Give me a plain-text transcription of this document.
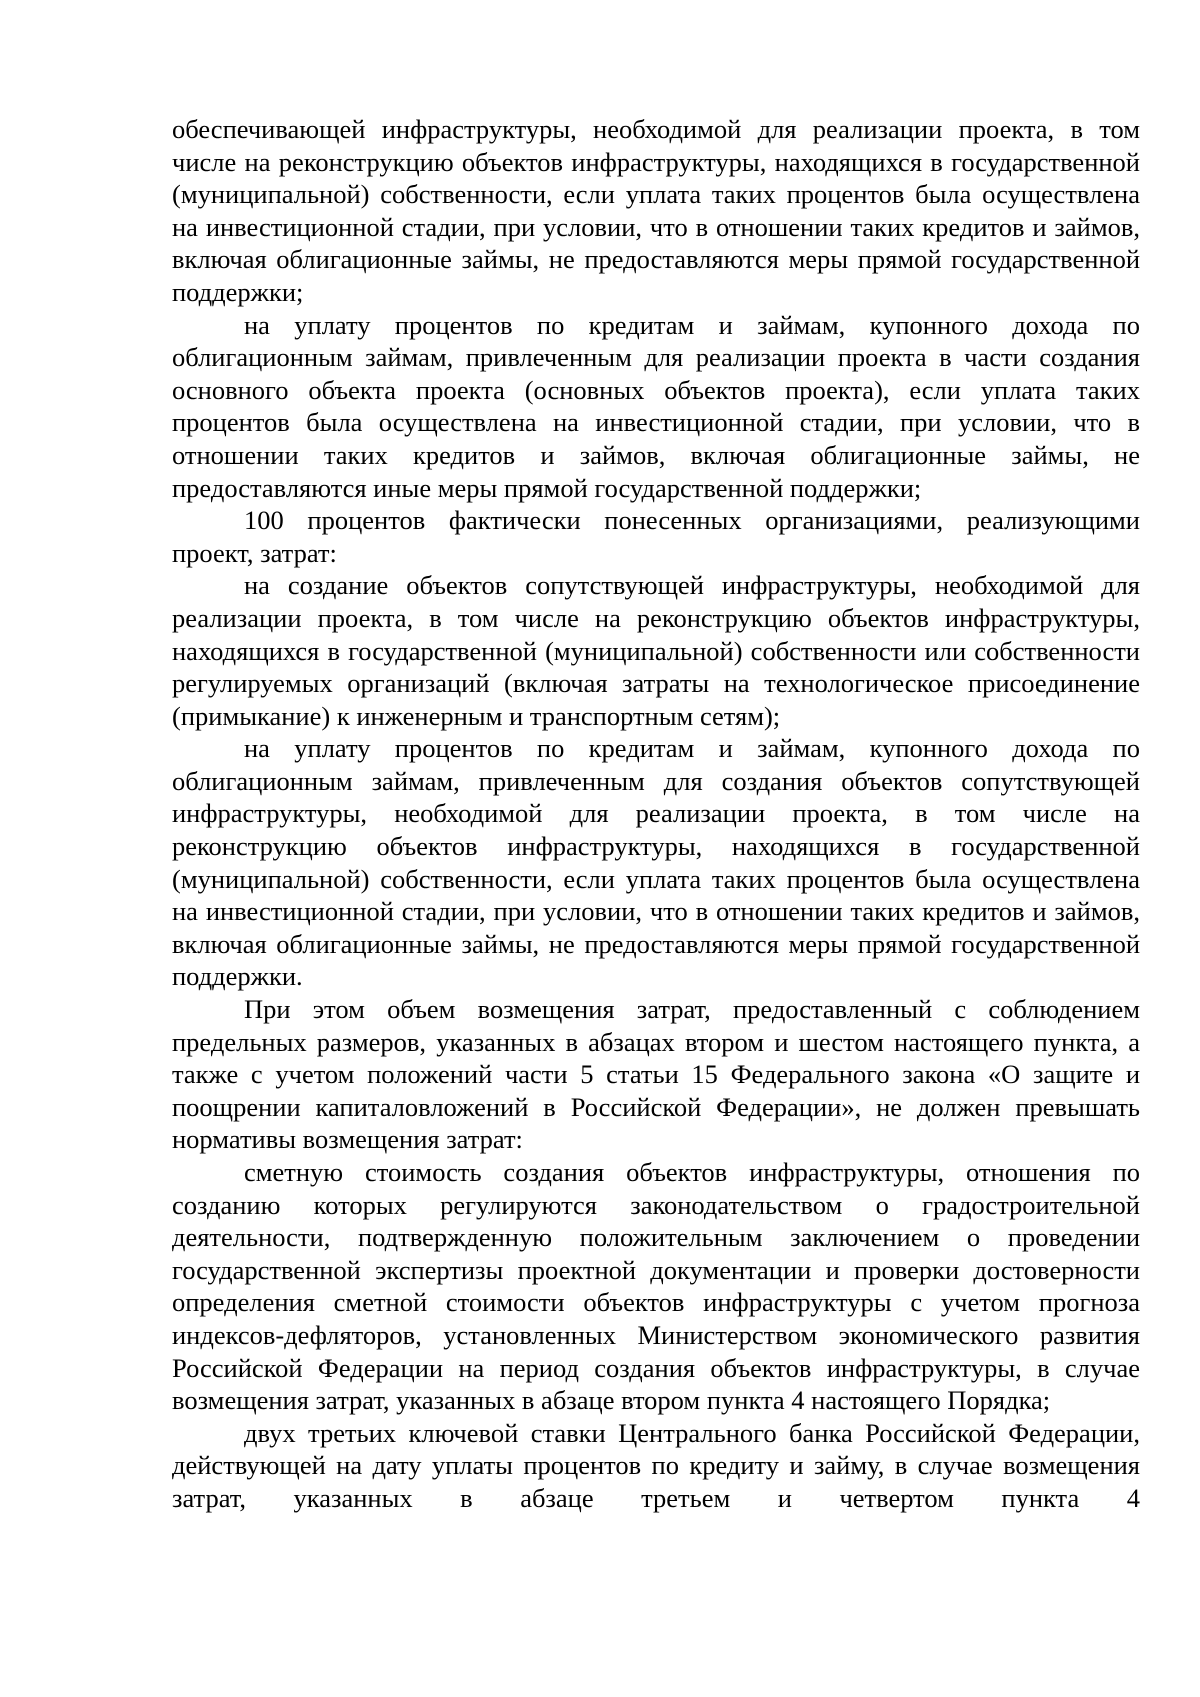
обеспечивающей инфраструктуры, необходимой для реализации проекта, в том числе на реконструкцию объектов инфраструктуры, находящихся в государственной (муниципальной) собственности, если уплата таких процентов была осуществлена на инвестиционной стадии, при условии, что в отношении таких кредитов и займов, включая облигационные займы, не предоставляются меры прямой государственной поддержки;

на уплату процентов по кредитам и займам, купонного дохода по облигационным займам, привлеченным для реализации проекта в части создания основного объекта проекта (основных объектов проекта), если уплата таких процентов была осуществлена на инвестиционной стадии, при условии, что в отношении таких кредитов и займов, включая облигационные займы, не предоставляются иные меры прямой государственной поддержки;

100 процентов фактически понесенных организациями, реализующими проект, затрат:

на создание объектов сопутствующей инфраструктуры, необходимой для реализации проекта, в том числе на реконструкцию объектов инфраструктуры, находящихся в государственной (муниципальной) собственности или собственности регулируемых организаций (включая затраты на технологическое присоединение (примыкание) к инженерным и транспортным сетям);

на уплату процентов по кредитам и займам, купонного дохода по облигационным займам, привлеченным для создания объектов сопутствующей инфраструктуры, необходимой для реализации проекта, в том числе на реконструкцию объектов инфраструктуры, находящихся в государственной (муниципальной) собственности, если уплата таких процентов была осуществлена на инвестиционной стадии, при условии, что в отношении таких кредитов и займов, включая облигационные займы, не предоставляются меры прямой государственной поддержки.

При этом объем возмещения затрат, предоставленный с соблюдением предельных размеров, указанных в абзацах втором и шестом настоящего пункта, а также с учетом положений части 5 статьи 15 Федерального закона «О защите и поощрении капиталовложений в Российской Федерации», не должен превышать нормативы возмещения затрат:

сметную стоимость создания объектов инфраструктуры, отношения по созданию которых регулируются законодательством о градостроительной деятельности, подтвержденную положительным заключением о проведении государственной экспертизы проектной документации и проверки достоверности определения сметной стоимости объектов инфраструктуры с учетом прогноза индексов-дефляторов, установленных Министерством экономического развития Российской Федерации на период создания объектов инфраструктуры, в случае возмещения затрат, указанных в абзаце втором пункта 4 настоящего Порядка;

двух третьих ключевой ставки Центрального банка Российской Федерации, действующей на дату уплаты процентов по кредиту и займу, в случае возмещения затрат, указанных в абзаце третьем и четвертом пункта 4
